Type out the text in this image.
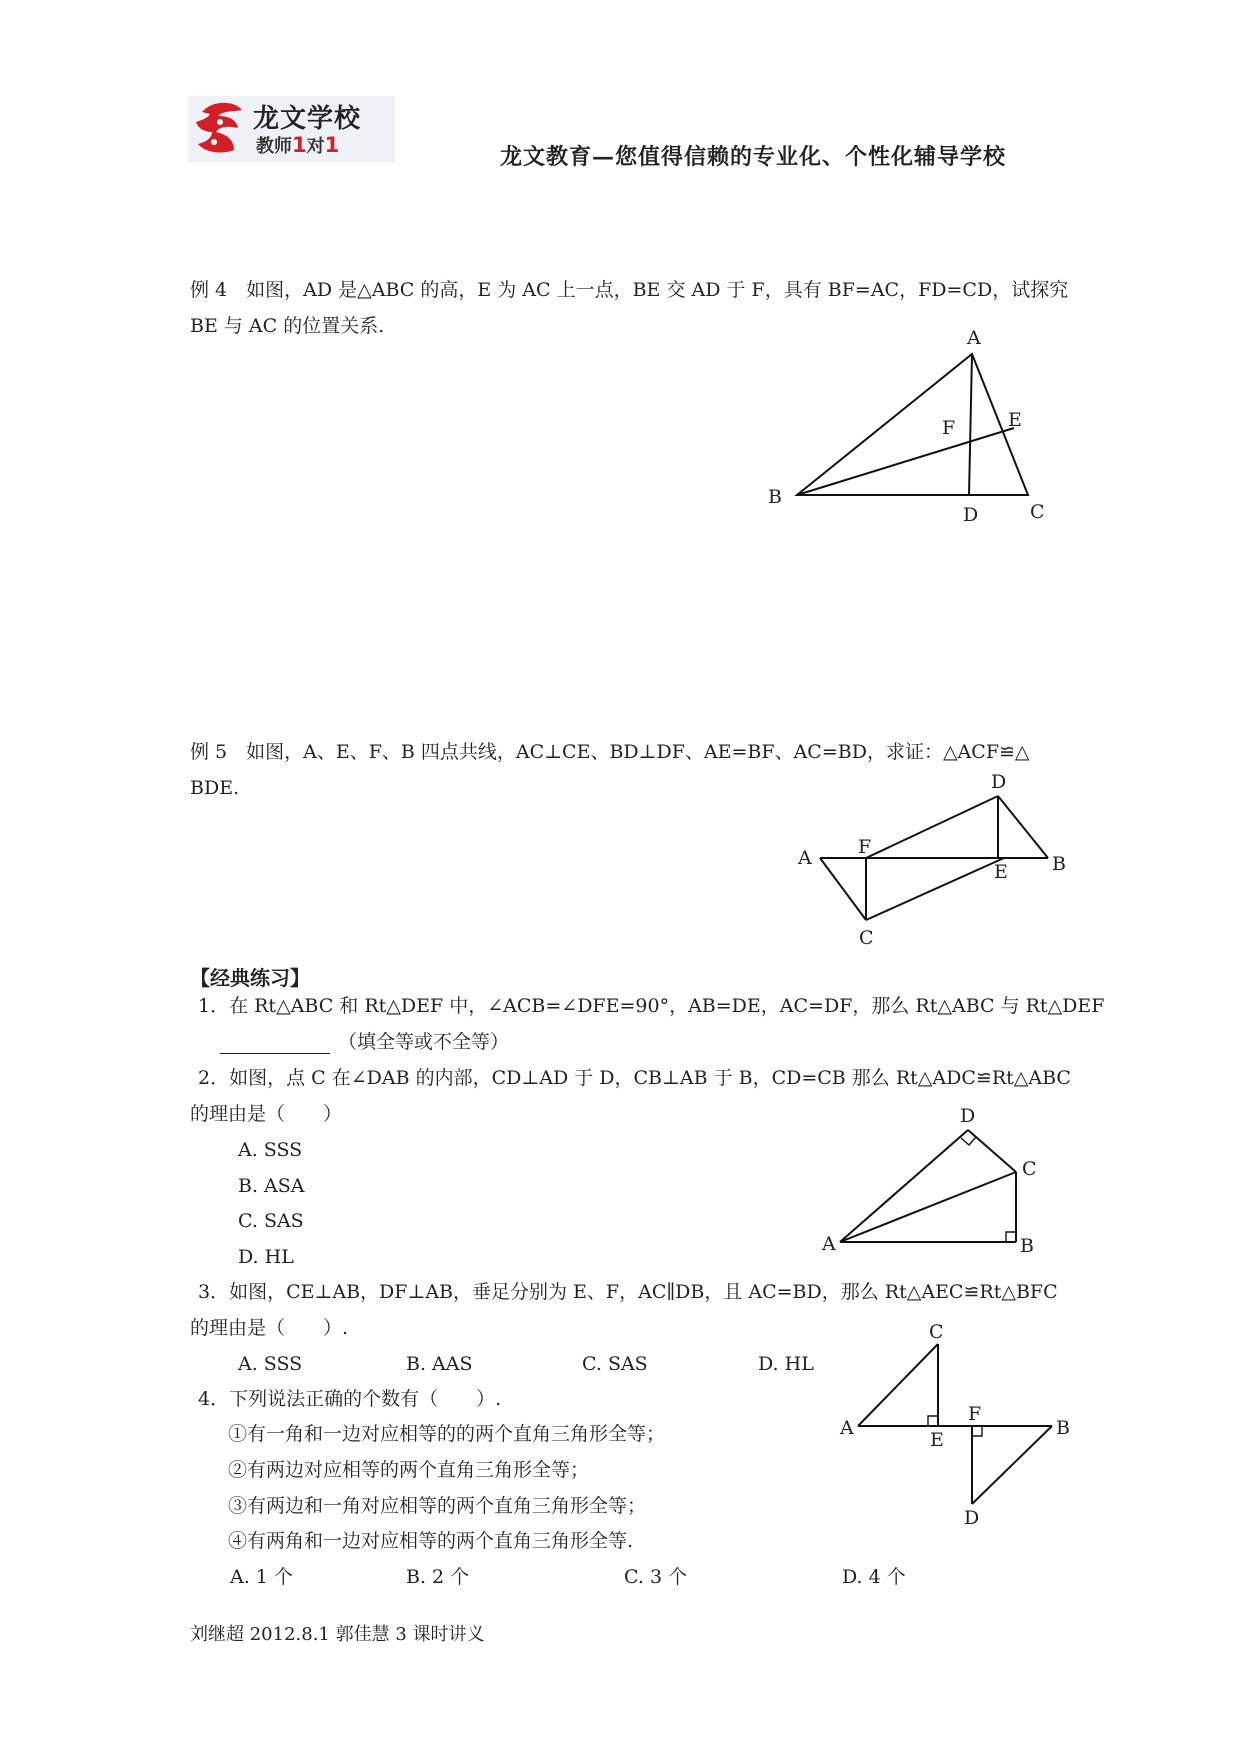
龙文学校
教师1对1	龙文教育—您值得信赖的专业化、个性化辅导学校
例 4　如图，AD 是△ABC 的高，E 为 AC 上一点，BE 交 AD 于 F，具有 BF=AC，FD=CD，试探究
BE 与 AC 的位置关系.
A
B
C
D
E
F
例 5　如图，A、E、F、B 四点共线，AC⊥CE、BD⊥DF、AE=BF、AC=BD，求证：△ACF≌△
BDE.
A	B
C
D
E
F
【经典练习】
1．在 Rt△ABC 和 Rt△DEF 中，∠ACB=∠DFE=90°，AB=DE，AC=DF，那么 Rt△ABC 与 Rt△DEF
（填全等或不全等）
2．如图，点 C 在∠DAB 的内部，CD⊥AD 于 D，CB⊥AB 于 B，CD=CB 那么 Rt△ADC≌Rt△ABC
的理由是（　　）
A. SSS
B. ASA
C. SAS
D. HL
A	B
C
D
3．如图，CE⊥AB，DF⊥AB，垂足分别为 E、F，AC∥DB，且 AC=BD，那么 Rt△AEC≌Rt△BFC
的理由是（　　）.
A. SSS	B. AAS	C. SAS	D. HL
A	B
C
D
E
F
4．下列说法正确的个数有（　　）.
①有一角和一边对应相等的的两个直角三角形全等；
②有两边对应相等的两个直角三角形全等；
③有两边和一角对应相等的两个直角三角形全等；
④有两角和一边对应相等的两个直角三角形全等.
A. 1 个	B. 2 个	C. 3 个	D. 4 个
刘继超 2012.8.1 郭佳慧 3 课时讲义
